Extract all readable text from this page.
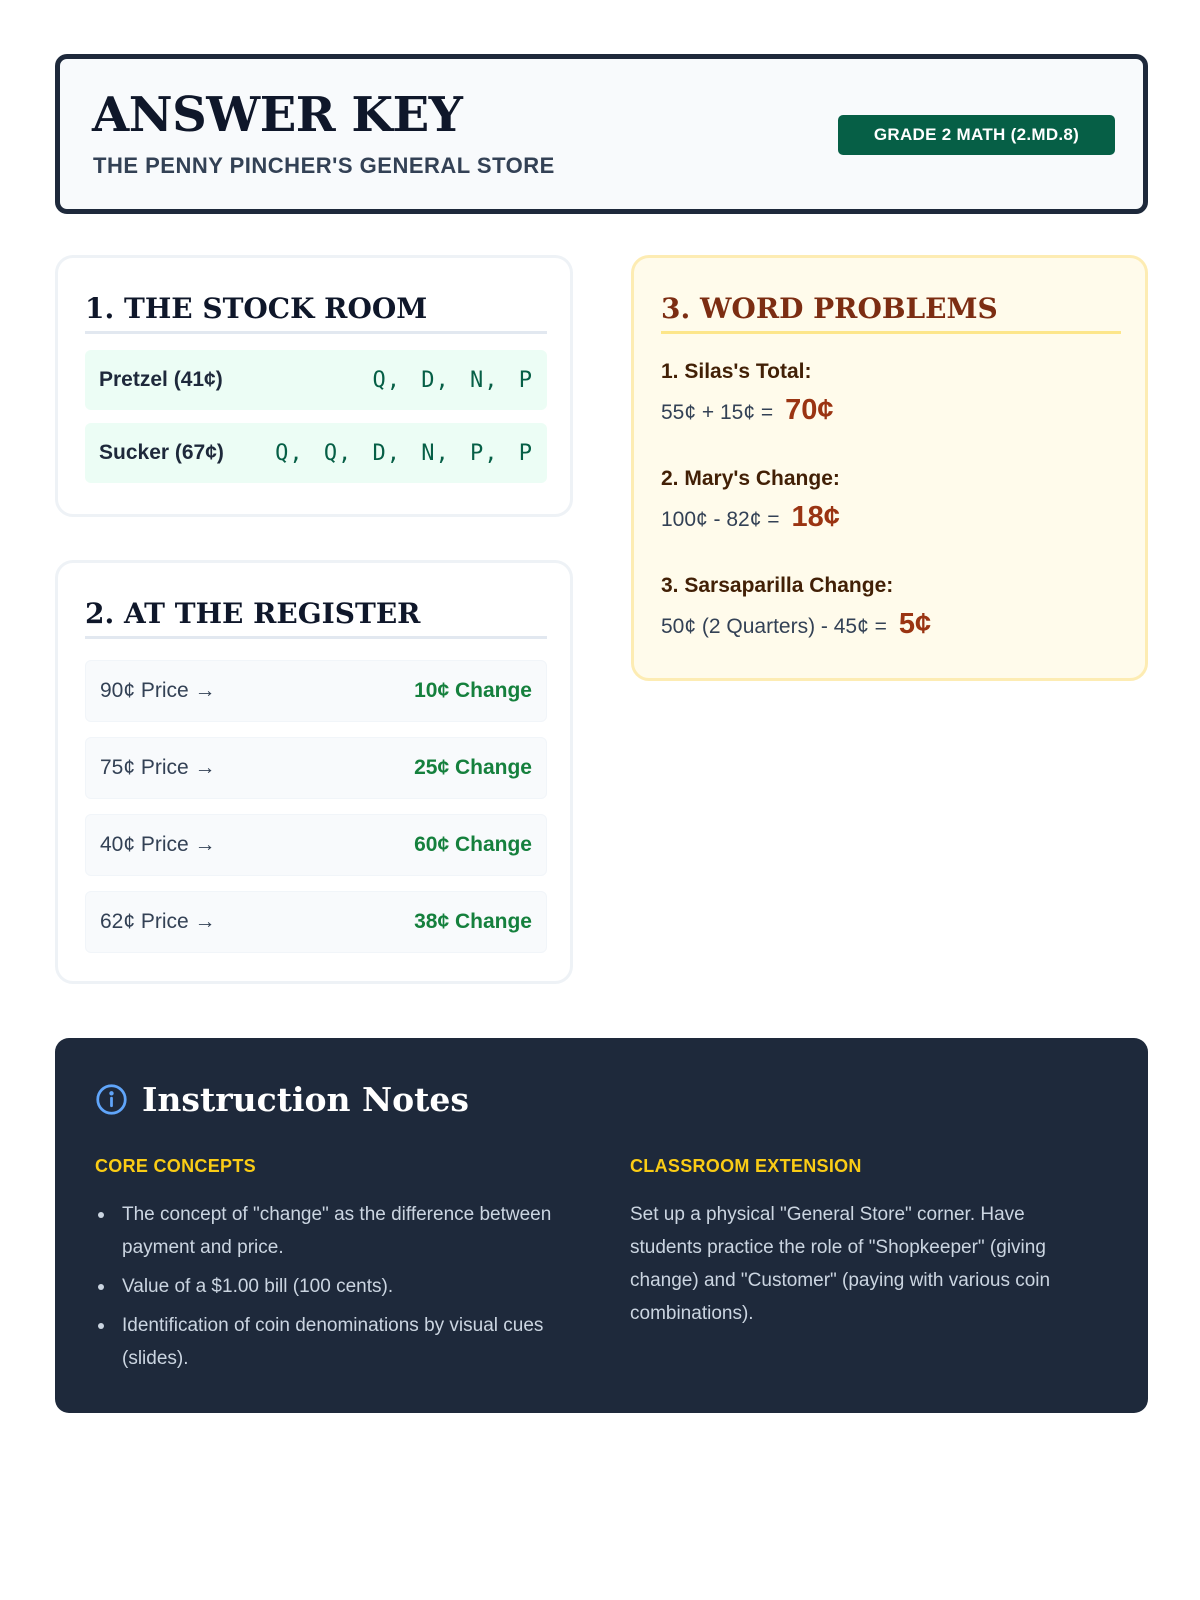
ANSWER KEY
THE PENNY PINCHER'S GENERAL STORE
GRADE 2 MATH (2.MD.8)
1. THE STOCK ROOM
Pretzel (41¢)	Q, D, N, P
Sucker (67¢) Q, Q, D, N, P, P
2. AT THE REGISTER
90¢ Price →	10¢ Change
75¢ Price →	25¢ Change
40¢ Price →	60¢ Change
62¢ Price →	38¢ Change
3. WORD PROBLEMS
1. Silas's Total:
55¢ + 15¢ = 70¢
2. Mary's Change:
100¢ - 82¢ = 18¢
3. Sarsaparilla Change:
50¢ (2 Quarters) - 45¢ = 5¢
Instruction Notes
CORE CONCEPTS
The concept of "change" as the difference between payment and price.
Value of a $1.00 bill (100 cents).
Identification of coin denominations by visual cues (slides).
CLASSROOM EXTENSION

Set up a physical "General Store" corner. Have students practice the role of "Shopkeeper" (giving change) and "Customer" (paying with various coin combinations).
